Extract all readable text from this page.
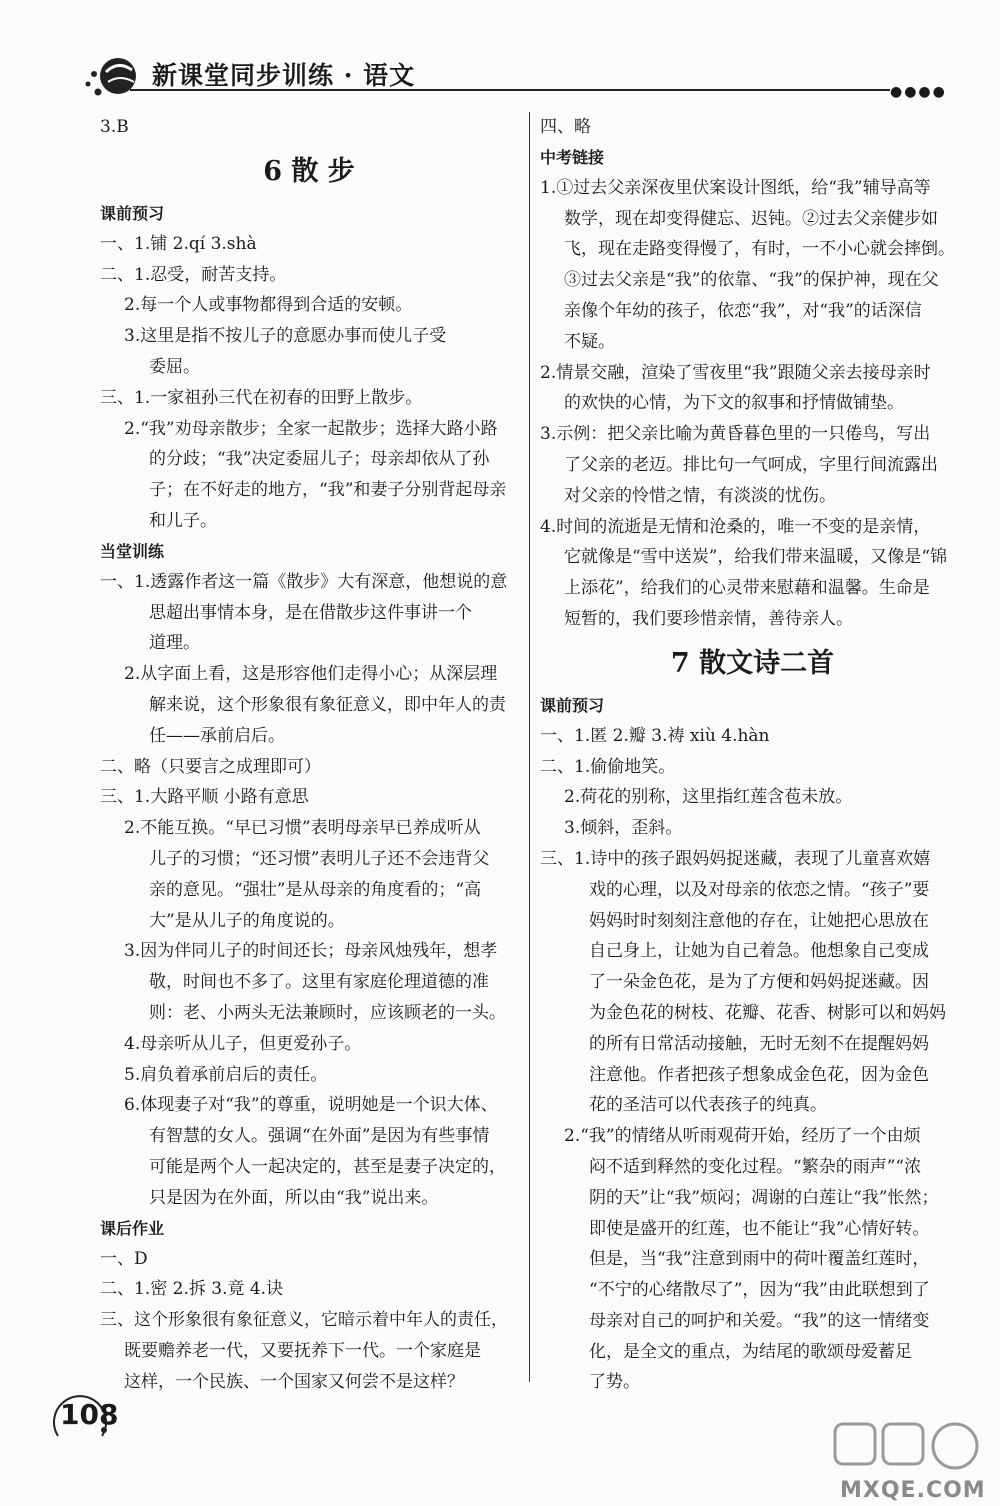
新课堂同步训练 · 语文
●●●●
3.B
6 散 步
课前预习
一、1.铺 2.qí 3.shà
二、1.忍受，耐苦支持。
2.每一个人或事物都得到合适的安顿。
3.这里是指不按儿子的意愿办事而使儿子受
委屈。
三、1.一家祖孙三代在初春的田野上散步。
2.“我”劝母亲散步；全家一起散步；选择大路小路
的分歧；“我”决定委屈儿子；母亲却依从了孙
子；在不好走的地方，“我”和妻子分别背起母亲
和儿子。
当堂训练
一、1.透露作者这一篇《散步》大有深意，他想说的意
思超出事情本身，是在借散步这件事讲一个
道理。
2.从字面上看，这是形容他们走得小心；从深层理
解来说，这个形象很有象征意义，即中年人的责
任——承前启后。
二、略（只要言之成理即可）
三、1.大路平顺 小路有意思
2.不能互换。“早已习惯”表明母亲早已养成听从
儿子的习惯；“还习惯”表明儿子还不会违背父
亲的意见。“强壮”是从母亲的角度看的；“高
大”是从儿子的角度说的。
3.因为伴同儿子的时间还长；母亲风烛残年，想孝
敬，时间也不多了。这里有家庭伦理道德的准
则：老、小两头无法兼顾时，应该顾老的一头。
4.母亲听从儿子，但更爱孙子。
5.肩负着承前启后的责任。
6.体现妻子对“我”的尊重，说明她是一个识大体、
有智慧的女人。强调“在外面”是因为有些事情
可能是两个人一起决定的，甚至是妻子决定的，
只是因为在外面，所以由“我”说出来。
课后作业
一、D
二、1.密 2.拆 3.竟 4.诀
三、这个形象很有象征意义，它暗示着中年人的责任，
既要赡养老一代，又要抚养下一代。一个家庭是
这样，一个民族、一个国家又何尝不是这样？
四、略
中考链接
1.①过去父亲深夜里伏案设计图纸，给“我”辅导高等
数学，现在却变得健忘、迟钝。②过去父亲健步如
飞，现在走路变得慢了，有时，一不小心就会摔倒。
③过去父亲是“我”的依靠、“我”的保护神，现在父
亲像个年幼的孩子，依恋“我”，对“我”的话深信
不疑。
2.情景交融，渲染了雪夜里“我”跟随父亲去接母亲时
的欢快的心情，为下文的叙事和抒情做铺垫。
3.示例：把父亲比喻为黄昏暮色里的一只倦鸟，写出
了父亲的老迈。排比句一气呵成，字里行间流露出
对父亲的怜惜之情，有淡淡的忧伤。
4.时间的流逝是无情和沧桑的，唯一不变的是亲情，
它就像是“雪中送炭”，给我们带来温暖，又像是“锦
上添花”，给我们的心灵带来慰藉和温馨。生命是
短暂的，我们要珍惜亲情，善待亲人。
7 散文诗二首
课前预习
一、1.匿 2.瓣 3.祷 xiù 4.hàn
二、1.偷偷地笑。
2.荷花的别称，这里指红莲含苞未放。
3.倾斜，歪斜。
三、1.诗中的孩子跟妈妈捉迷藏，表现了儿童喜欢嬉
戏的心理，以及对母亲的依恋之情。“孩子”要
妈妈时时刻刻注意他的存在，让她把心思放在
自己身上，让她为自己着急。他想象自己变成
了一朵金色花，是为了方便和妈妈捉迷藏。因
为金色花的树枝、花瓣、花香、树影可以和妈妈
的所有日常活动接触，无时无刻不在提醒妈妈
注意他。作者把孩子想象成金色花，因为金色
花的圣洁可以代表孩子的纯真。
2.“我”的情绪从听雨观荷开始，经历了一个由烦
闷不适到释然的变化过程。“繁杂的雨声”“浓
阴的天”让“我”烦闷；凋谢的白莲让“我”怅然；
即使是盛开的红莲，也不能让“我”心情好转。
但是，当“我”注意到雨中的荷叶覆盖红莲时，
“不宁的心绪散尽了”，因为“我”由此联想到了
母亲对自己的呵护和关爱。“我”的这一情绪变
化，是全文的重点，为结尾的歌颂母爱蓄足
了势。
108
MXQE.COM
